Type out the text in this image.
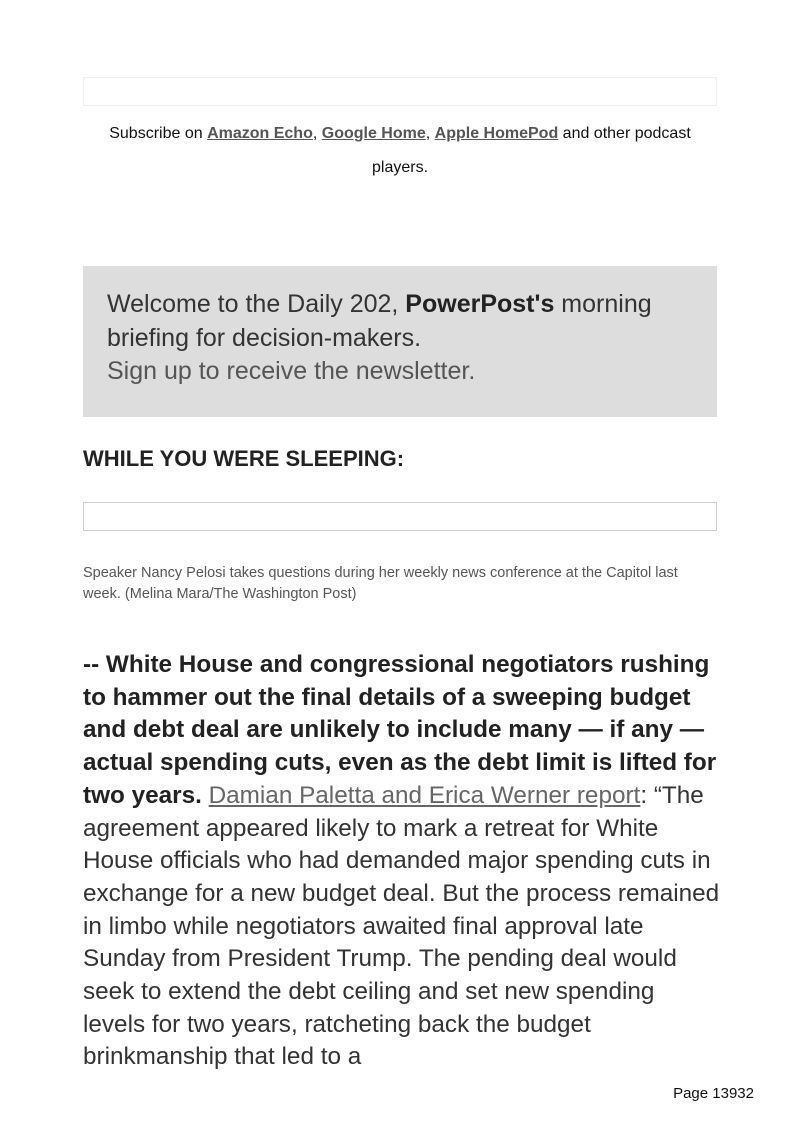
Subscribe on Amazon Echo, Google Home, Apple HomePod and other podcast players.
Welcome to the Daily 202, PowerPost's morning briefing for decision-makers.
Sign up to receive the newsletter.
WHILE YOU WERE SLEEPING:
Speaker Nancy Pelosi takes questions during her weekly news conference at the Capitol last week. (Melina Mara/The Washington Post)
-- White House and congressional negotiators rushing to hammer out the final details of a sweeping budget and debt deal are unlikely to include many — if any — actual spending cuts, even as the debt limit is lifted for two years. Damian Paletta and Erica Werner report: “The agreement appeared likely to mark a retreat for White House officials who had demanded major spending cuts in exchange for a new budget deal. But the process remained in limbo while negotiators awaited final approval late Sunday from President Trump. The pending deal would seek to extend the debt ceiling and set new spending levels for two years, ratcheting back the budget brinkmanship that led to a
Page 13932
